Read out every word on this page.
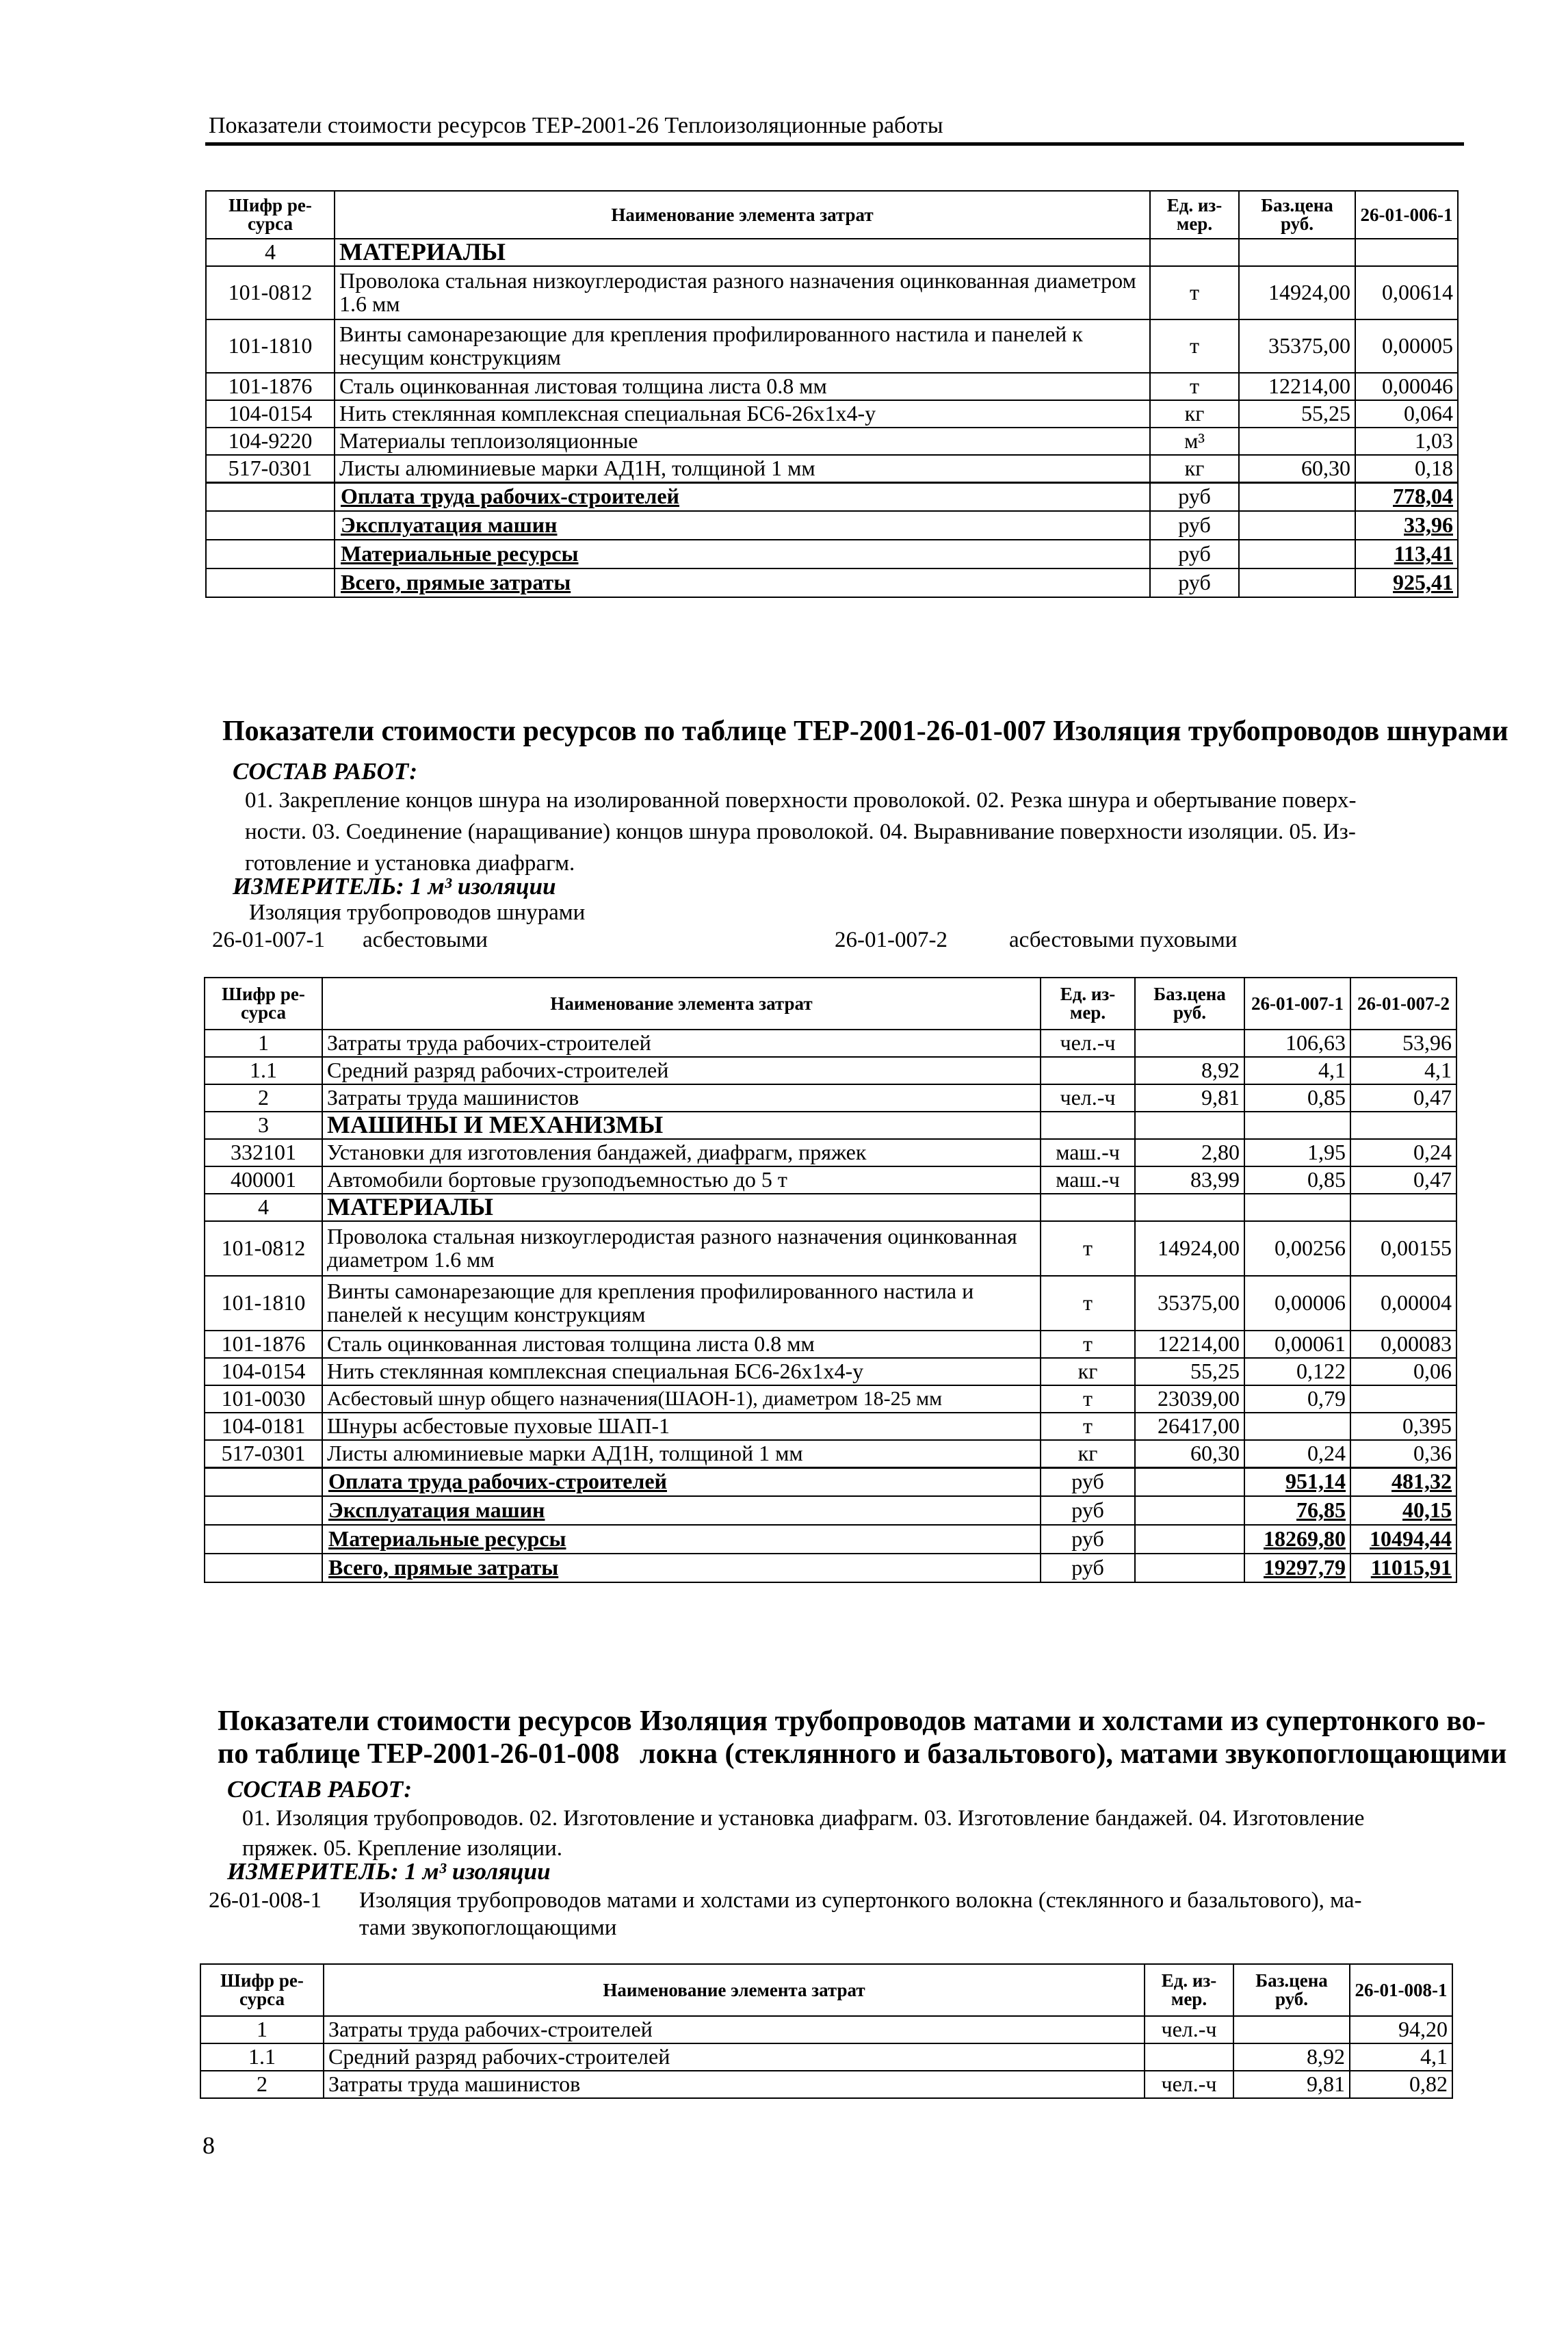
Показатели стоимости ресурсов ТЕР-2001-26 Теплоизоляционные работы
Шифр ре-сурса	Наименование элемента затрат	Ед. из-мер.	Баз.цена руб.	26-01-006-1
4	МАТЕРИАЛЫ			
101-0812	Проволока стальная низкоуглеродистая разного назначения оцинкованная диаметром 1.6 мм	т	14924,00	0,00614
101-1810	Винты самонарезающие для крепления профилированного настила и панелей к несущим конструкциям	т	35375,00	0,00005
101-1876	Сталь оцинкованная листовая толщина листа 0.8 мм	т	12214,00	0,00046
104-0154	Нить стеклянная комплексная специальная БС6-26х1х4-у	кг	55,25	0,064
104-9220	Материалы теплоизоляционные	м³		1,03
517-0301	Листы алюминиевые марки АД1Н, толщиной 1 мм	кг	60,30	0,18
	Оплата труда рабочих-строителей	руб		778,04
	Эксплуатация машин	руб		33,96
	Материальные ресурсы	руб		113,41
	Всего, прямые затраты	руб		925,41
Показатели стоимости ресурсов по таблице ТЕР-2001-26-01-007 Изоляция трубопроводов шнурами
СОСТАВ РАБОТ:
01. Закрепление концов шнура на изолированной поверхности проволокой. 02. Резка шнура и обертывание поверх-
ности. 03. Соединение (наращивание) концов шнура проволокой. 04. Выравнивание поверхности изоляции. 05. Из-
готовление и установка диафрагм.
ИЗМЕРИТЕЛЬ: 1 м³ изоляции
Изоляция трубопроводов шнурами
26-01-007-1 асбестовыми	26-01-007-2	асбестовыми пуховыми
Шифр ре-сурса	Наименование элемента затрат	Ед. из-мер.	Баз.цена руб.	26-01-007-1	26-01-007-2
1	Затраты труда рабочих-строителей	чел.-ч		106,63	53,96
1.1	Средний разряд рабочих-строителей		8,92	4,1	4,1
2	Затраты труда машинистов	чел.-ч	9,81	0,85	0,47
3	МАШИНЫ И МЕХАНИЗМЫ				
332101	Установки для изготовления бандажей, диафрагм, пряжек	маш.-ч	2,80	1,95	0,24
400001	Автомобили бортовые грузоподъемностью до 5 т	маш.-ч	83,99	0,85	0,47
4	МАТЕРИАЛЫ				
101-0812	Проволока стальная низкоуглеродистая разного назначения оцинкованная диаметром 1.6 мм	т	14924,00	0,00256	0,00155
101-1810	Винты самонарезающие для крепления профилированного настила и панелей к несущим конструкциям	т	35375,00	0,00006	0,00004
101-1876	Сталь оцинкованная листовая толщина листа 0.8 мм	т	12214,00	0,00061	0,00083
104-0154	Нить стеклянная комплексная специальная БС6-26х1х4-у	кг	55,25	0,122	0,06
101-0030	Асбестовый шнур общего назначения(ШАОН-1), диаметром 18-25 мм	т	23039,00	0,79	
104-0181	Шнуры асбестовые пуховые ШАП-1	т	26417,00		0,395
517-0301	Листы алюминиевые марки АД1Н, толщиной 1 мм	кг	60,30	0,24	0,36
	Оплата труда рабочих-строителей	руб		951,14	481,32
	Эксплуатация машин	руб		76,85	40,15
	Материальные ресурсы	руб		18269,80	10494,44
	Всего, прямые затраты	руб		19297,79	11015,91
Показатели стоимости ресурсов
по таблице ТЕР-2001-26-01-008
Изоляция трубопроводов матами и холстами из супертонкого во-
локна (стеклянного и базальтового), матами звукопоглощающими
СОСТАВ РАБОТ:
01. Изоляция трубопроводов. 02. Изготовление и установка диафрагм. 03. Изготовление бандажей. 04. Изготовление
пряжек. 05. Крепление изоляции.
ИЗМЕРИТЕЛЬ: 1 м³ изоляции
26-01-008-1 Изоляция трубопроводов матами и холстами из супертонкого волокна (стеклянного и базальтового), ма-
тами звукопоглощающими
Шифр ре-сурса	Наименование элемента затрат	Ед. из-мер.	Баз.цена руб.	26-01-008-1
1	Затраты труда рабочих-строителей	чел.-ч		94,20
1.1	Средний разряд рабочих-строителей		8,92	4,1
2	Затраты труда машинистов	чел.-ч	9,81	0,82
8
